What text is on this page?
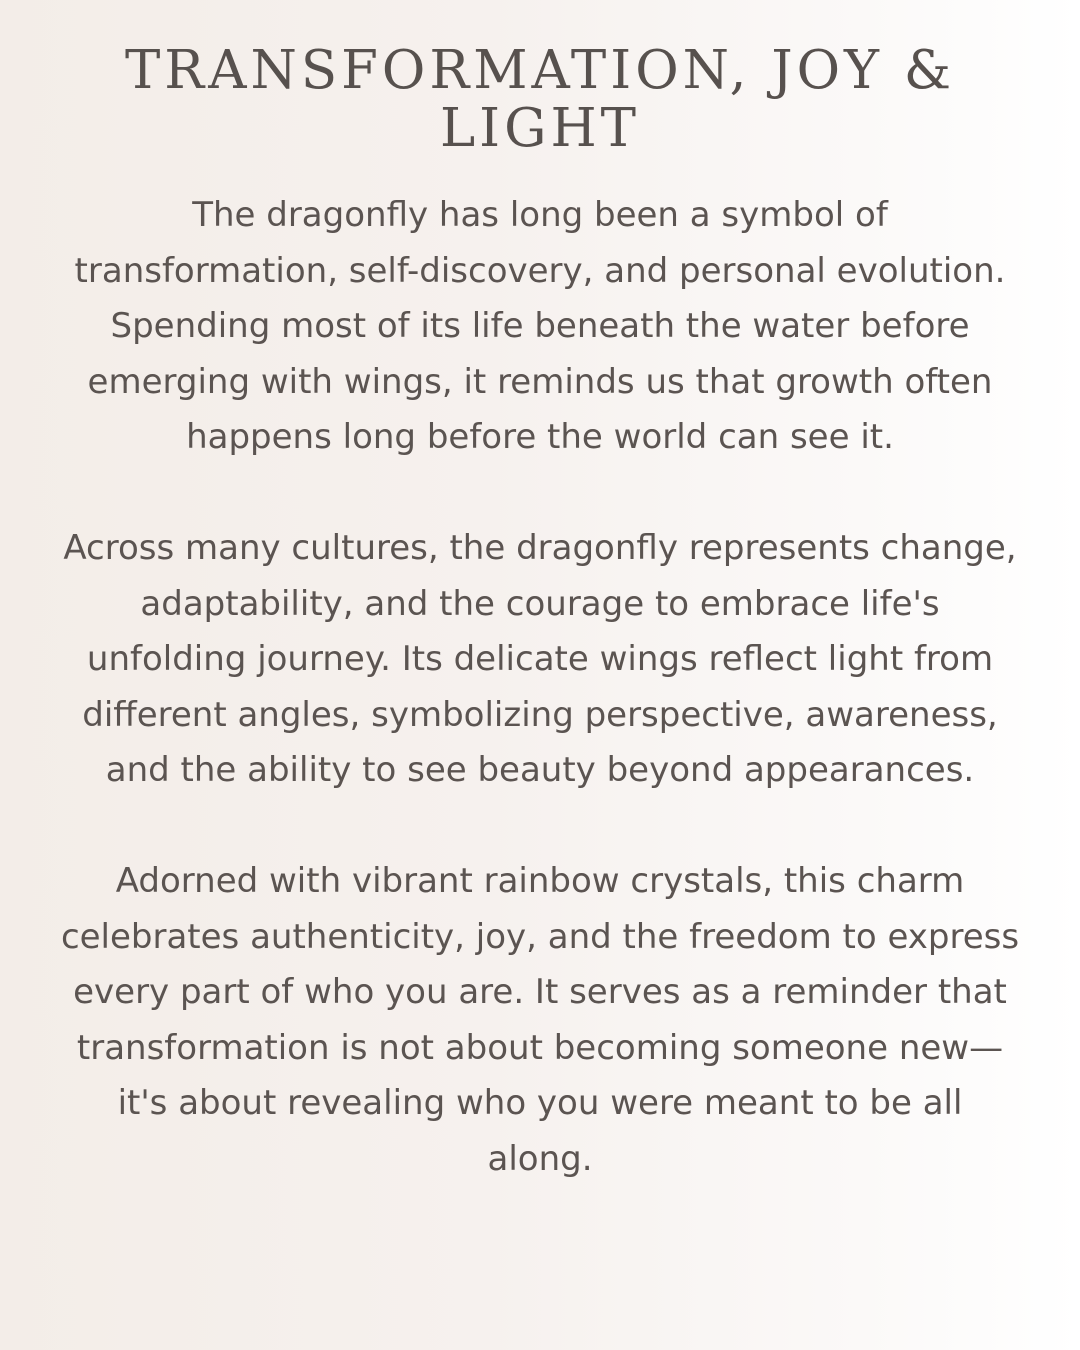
TRANSFORMATION, JOY & LIGHT

The dragonfly has long been a symbol of transformation, self-discovery, and personal evolution. Spending most of its life beneath the water before emerging with wings, it reminds us that growth often happens long before the world can see it.

Across many cultures, the dragonfly represents change, adaptability, and the courage to embrace life's unfolding journey. Its delicate wings reflect light from different angles, symbolizing perspective, awareness, and the ability to see beauty beyond appearances.

Adorned with vibrant rainbow crystals, this charm celebrates authenticity, joy, and the freedom to express every part of who you are. It serves as a reminder that transformation is not about becoming someone new—it's about revealing who you were meant to be all along.
